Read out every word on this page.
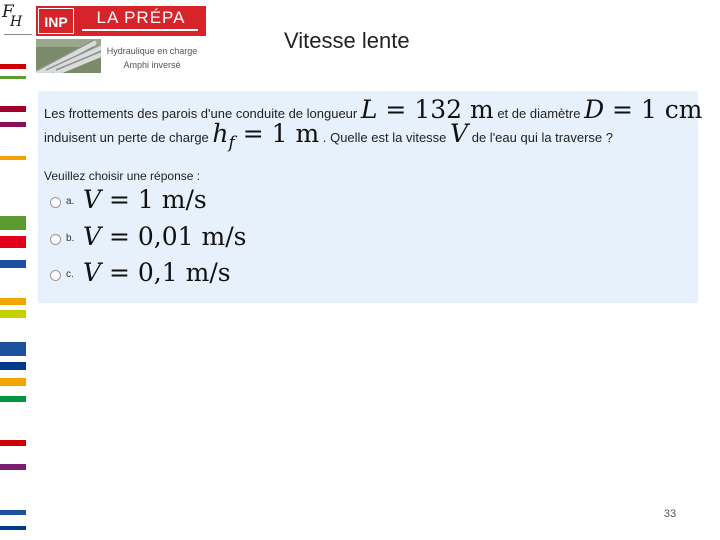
F
H	INP	LA PRÉPA
Hydraulique en charge
Amphi inversé
Vitesse lente
Les frottements des parois d'une conduite de longueur L = 132 m et de diamètre D = 1 cm
induisent un perte de charge $h_f = 1$ m . Quelle est la vitesse V de l'eau qui la traverse ?
Veuillez choisir une réponse :
a. V = 1 m/s
b. V = 0,01 m/s
c. V = 0,1 m/s
33
